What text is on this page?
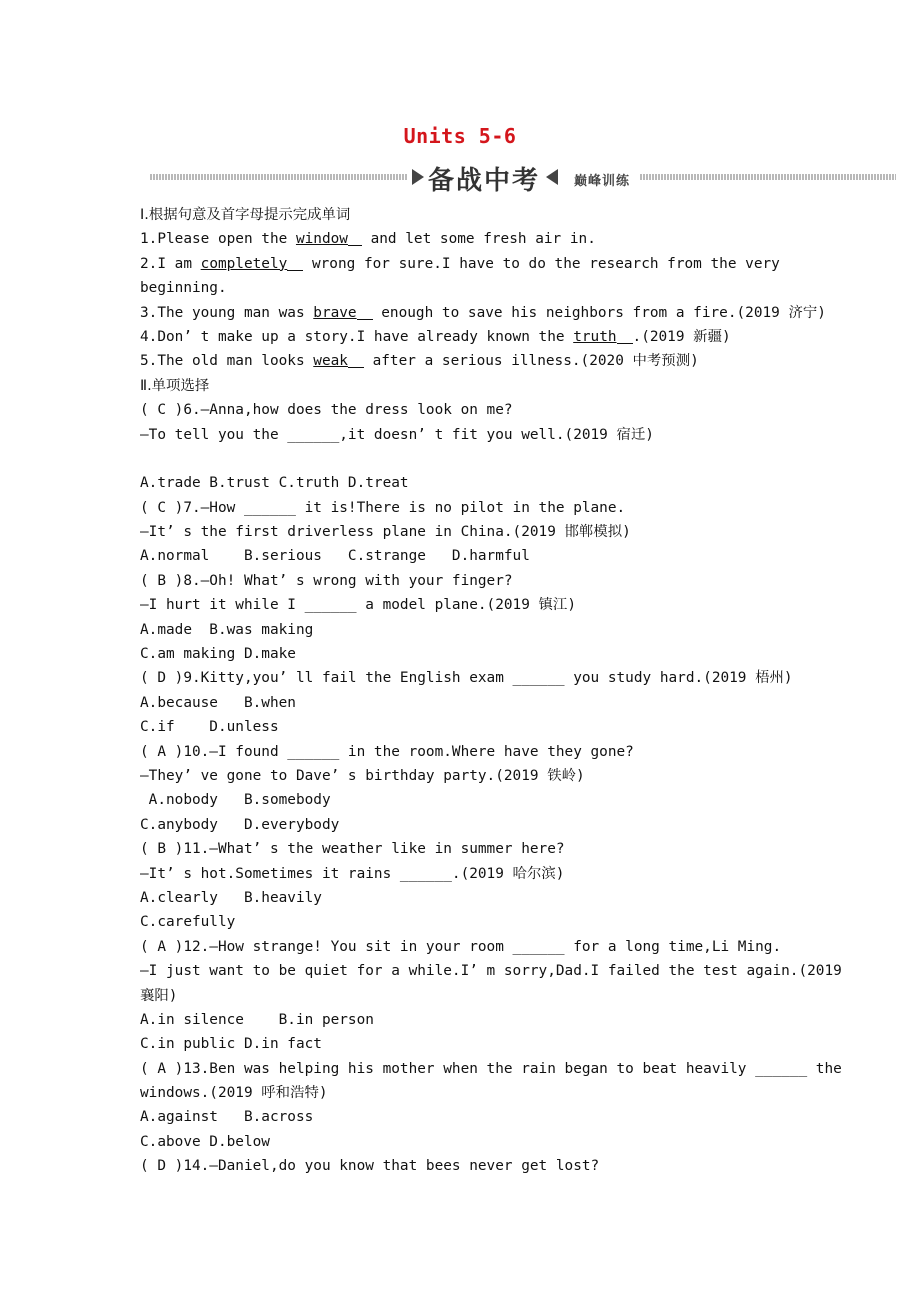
Units 5-6
备战中考	巅峰训练
Ⅰ.根据句意及首字母提示完成单词
1.Please open the window and let some fresh air in.
2.I am completely wrong for sure.I have to do the research from the very
beginning.
3.The young man was brave enough to save his neighbors from a fire.(2019 济宁)
4.Don’ t make up a story.I have already known the truth .(2019 新疆)
5.The old man looks weak after a serious illness.(2020 中考预测)
Ⅱ.单项选择
( C )6.—Anna,how does the dress look on me?
—To tell you the ______,it doesn’ t fit you well.(2019 宿迁)
A.trade B.trust C.truth D.treat
( C )7.—How ______ it is!There is no pilot in the plane.
—It’ s the first driverless plane in China.(2019 邯郸模拟)
A.normal    B.serious   C.strange   D.harmful
( B )8.—Oh! What’ s wrong with your finger?
—I hurt it while I ______ a model plane.(2019 镇江)
A.made  B.was making
C.am making D.make
( D )9.Kitty,you’ ll fail the English exam ______ you study hard.(2019 梧州)
A.because   B.when
C.if    D.unless
( A )10.—I found ______ in the room.Where have they gone?
—They’ ve gone to Dave’ s birthday party.(2019 铁岭)
A.nobody   B.somebody
C.anybody   D.everybody
( B )11.—What’ s the weather like in summer here?
—It’ s hot.Sometimes it rains ______.(2019 哈尔滨)
A.clearly   B.heavily
C.carefully
( A )12.—How strange! You sit in your room ______ for a long time,Li Ming.
—I just want to be quiet for a while.I’ m sorry,Dad.I failed the test again.(2019
襄阳)
A.in silence    B.in person
C.in public D.in fact
( A )13.Ben was helping his mother when the rain began to beat heavily ______ the
windows.(2019 呼和浩特)
A.against   B.across
C.above D.below
( D )14.—Daniel,do you know that bees never get lost?
